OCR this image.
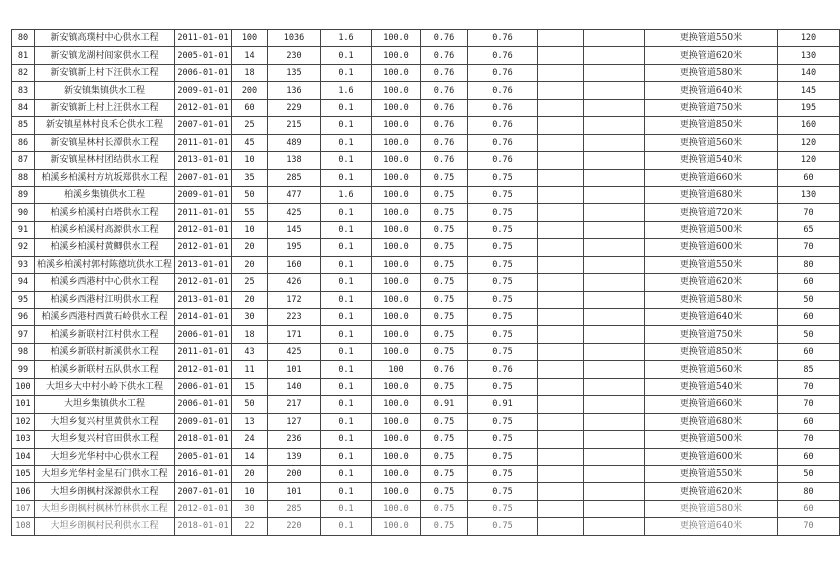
80	新安镇高璞村中心供水工程	2011-01-01	100	1036	1.6	100.0	0.76	0.76			更换管道550米	120
81	新安镇龙湖村闾家供水工程	2005-01-01	14	230	0.1	100.0	0.76	0.76			更换管道620米	130
82	新安镇新上村下汪供水工程	2006-01-01	18	135	0.1	100.0	0.76	0.76			更换管道580米	140
83	新安镇集镇供水工程	2009-01-01	200	136	1.6	100.0	0.76	0.76			更换管道640米	145
84	新安镇新上村上汪供水工程	2012-01-01	60	229	0.1	100.0	0.76	0.76			更换管道750米	195
85	新安镇星林村良禾仑供水工程	2007-01-01	25	215	0.1	100.0	0.76	0.76			更换管道850米	160
86	新安镇星林村长潭供水工程	2011-01-01	45	489	0.1	100.0	0.76	0.76			更换管道560米	120
87	新安镇星林村团结供水工程	2013-01-01	10	138	0.1	100.0	0.76	0.76			更换管道540米	120
88	柏溪乡柏溪村方坑坂郑供水工程	2007-01-01	35	285	0.1	100.0	0.75	0.75			更换管道660米	60
89	柏溪乡集镇供水工程	2009-01-01	50	477	1.6	100.0	0.75	0.75			更换管道680米	130
90	柏溪乡柏溪村白塔供水工程	2011-01-01	55	425	0.1	100.0	0.75	0.75			更换管道720米	70
91	柏溪乡柏溪村高源供水工程	2012-01-01	10	145	0.1	100.0	0.75	0.75			更换管道500米	65
92	柏溪乡柏溪村黄鲫供水工程	2012-01-01	20	195	0.1	100.0	0.75	0.75			更换管道600米	70
93	柏溪乡柏溪村郭村陈德坑供水工程	2013-01-01	20	160	0.1	100.0	0.75	0.75			更换管道550米	80
94	柏溪乡西港村中心供水工程	2012-01-01	25	426	0.1	100.0	0.75	0.75			更换管道620米	60
95	柏溪乡西港村江明供水工程	2013-01-01	20	172	0.1	100.0	0.75	0.75			更换管道580米	50
96	柏溪乡西港村西黄石岭供水工程	2014-01-01	30	223	0.1	100.0	0.75	0.75			更换管道640米	60
97	柏溪乡新联村江村供水工程	2006-01-01	18	171	0.1	100.0	0.75	0.75			更换管道750米	50
98	柏溪乡新联村新溪供水工程	2011-01-01	43	425	0.1	100.0	0.75	0.75			更换管道850米	60
99	柏溪乡新联村五队供水工程	2012-01-01	11	101	0.1	100	0.76	0.76			更换管道560米	85
100	大坦乡大中村小岭下供水工程	2006-01-01	15	140	0.1	100.0	0.75	0.75			更换管道540米	70
101	大坦乡集镇供水工程	2006-01-01	50	217	0.1	100.0	0.91	0.91			更换管道660米	70
102	大坦乡复兴村里黄供水工程	2009-01-01	13	127	0.1	100.0	0.75	0.75			更换管道680米	60
103	大坦乡复兴村官田供水工程	2018-01-01	24	236	0.1	100.0	0.75	0.75			更换管道500米	70
104	大坦乡光华村中心供水工程	2005-01-01	14	139	0.1	100.0	0.75	0.75			更换管道600米	60
105	大坦乡光华村金星石门供水工程	2016-01-01	20	200	0.1	100.0	0.75	0.75			更换管道550米	50
106	大坦乡朗枫村深源供水工程	2007-01-01	10	101	0.1	100.0	0.75	0.75			更换管道620米	80
107	大坦乡朗枫村枫林竹林供水工程	2012-01-01	30	285	0.1	100.0	0.75	0.75			更换管道580米	60
108	大坦乡朗枫村民利供水工程	2018-01-01	22	220	0.1	100.0	0.75	0.75			更换管道640米	70
